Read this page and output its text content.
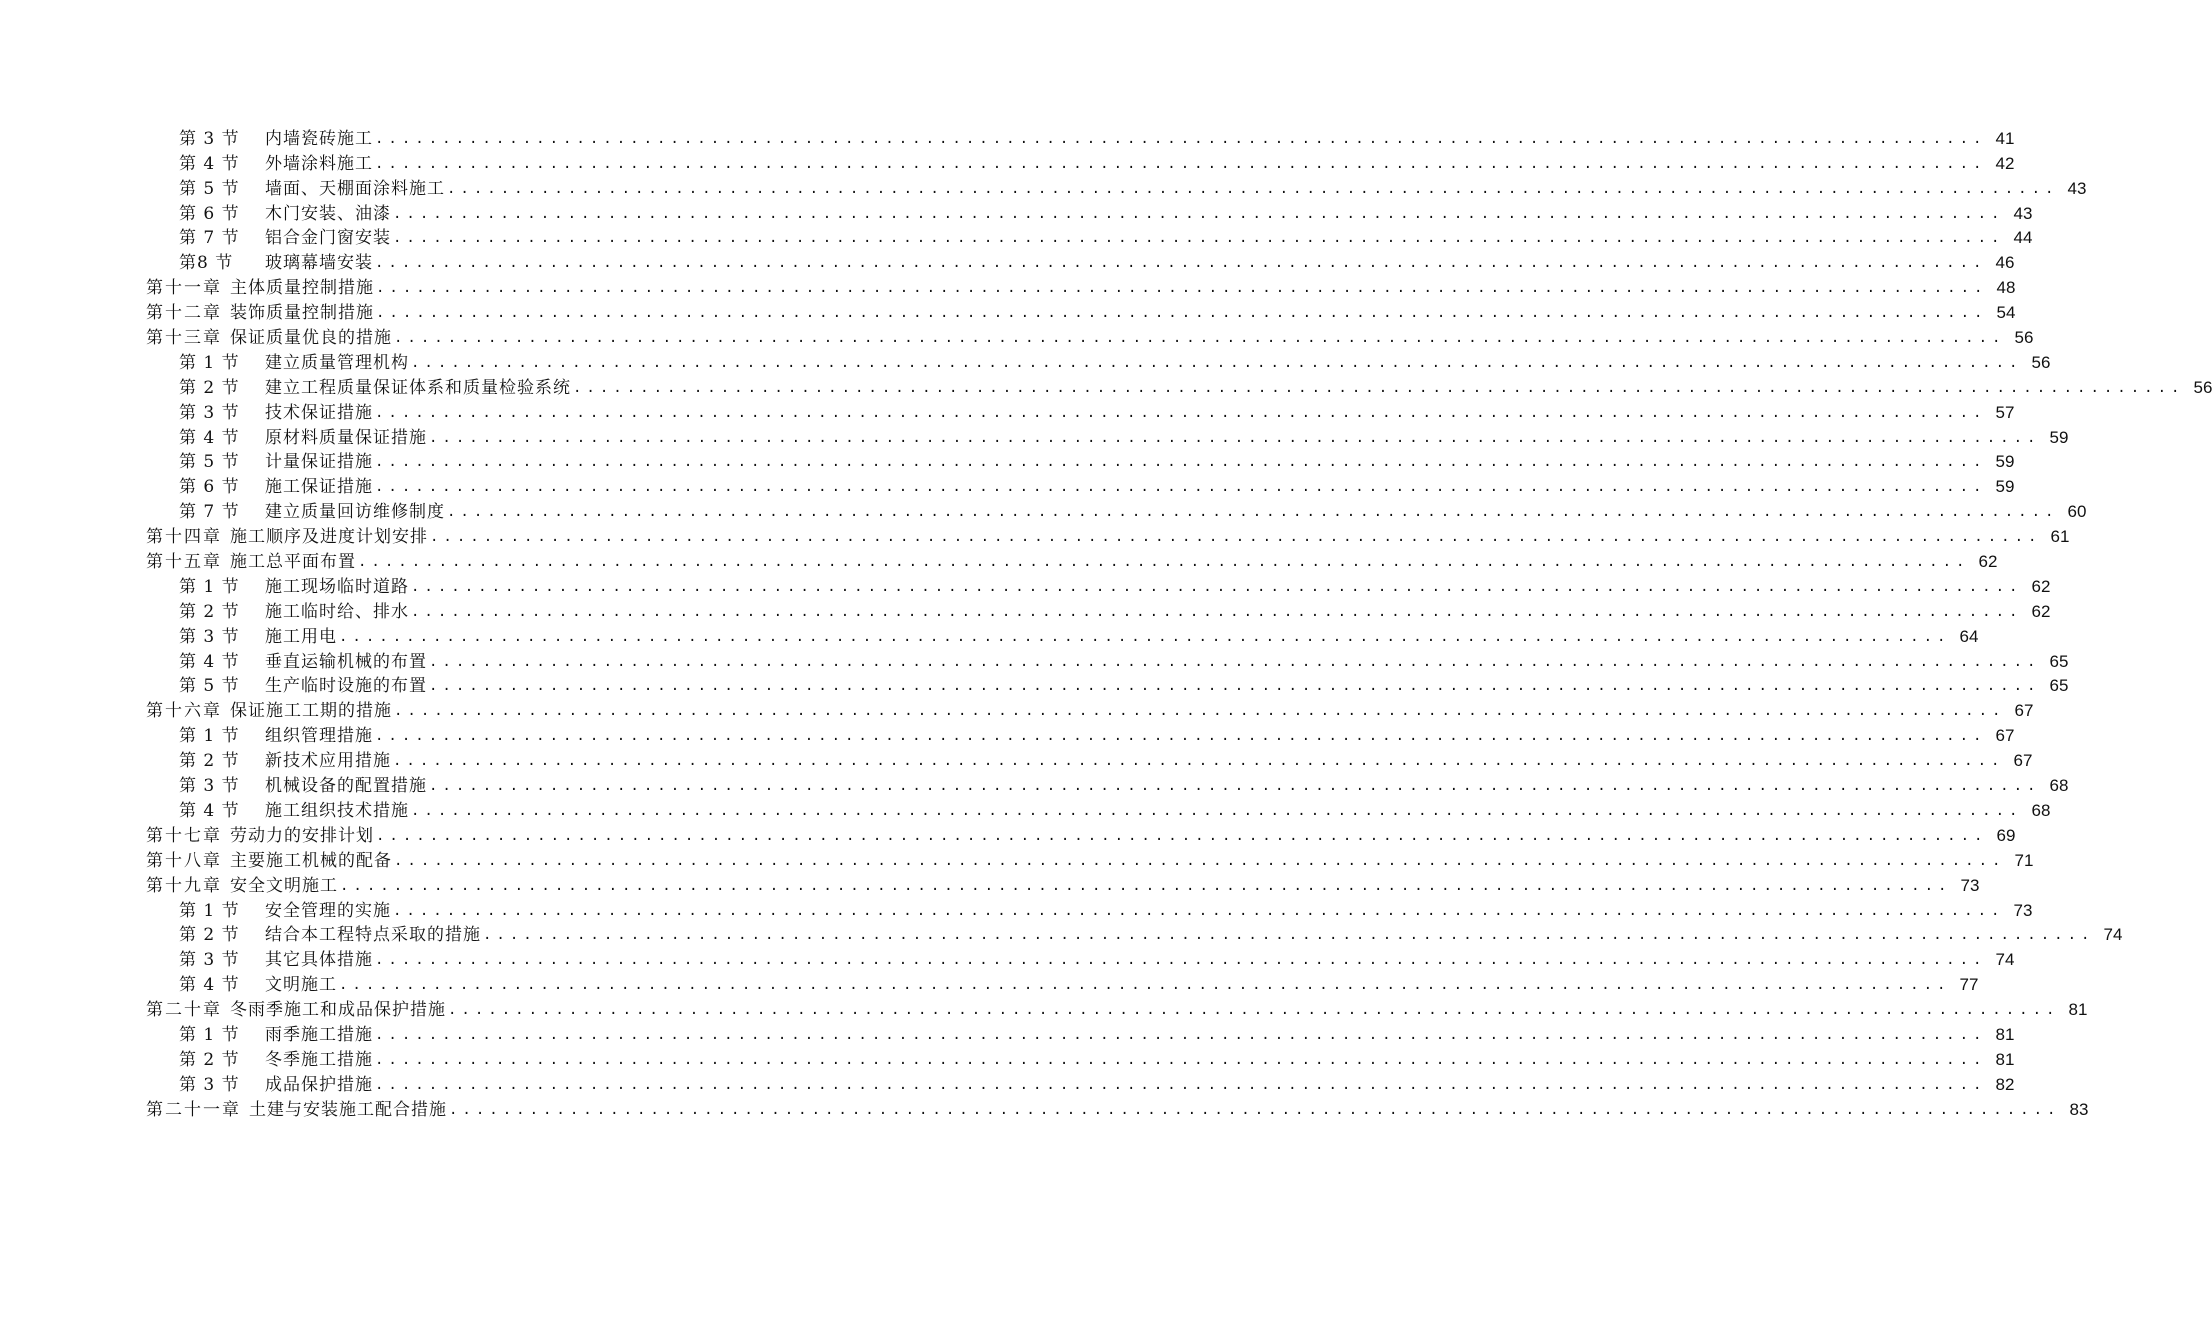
第 3 节 内墙瓷砖施工 ........................................................................................................................ 41
第 4 节 外墙涂料施工 ........................................................................................................................ 42
第 5 节 墙面、天棚面涂料施工 ........................................................................................................................ 43
第 6 节 木门安装、油漆 ........................................................................................................................ 43
第 7 节 铝合金门窗安装 ........................................................................................................................ 44
第8 节 玻璃幕墙安装 ........................................................................................................................ 46
第十一章 主体质量控制措施 ........................................................................................................................ 48
第十二章 装饰质量控制措施 ........................................................................................................................ 54
第十三章 保证质量优良的措施 ........................................................................................................................ 56
第 1 节 建立质量管理机构 ........................................................................................................................ 56
第 2 节 建立工程质量保证体系和质量检验系统 ........................................................................................................................ 56
第 3 节 技术保证措施 ........................................................................................................................ 57
第 4 节 原材料质量保证措施 ........................................................................................................................ 59
第 5 节 计量保证措施 ........................................................................................................................ 59
第 6 节 施工保证措施 ........................................................................................................................ 59
第 7 节 建立质量回访维修制度 ........................................................................................................................ 60
第十四章 施工顺序及进度计划安排 ........................................................................................................................ 61
第十五章 施工总平面布置 ........................................................................................................................ 62
第 1 节 施工现场临时道路 ........................................................................................................................ 62
第 2 节 施工临时给、排水 ........................................................................................................................ 62
第 3 节 施工用电 ........................................................................................................................ 64
第 4 节 垂直运输机械的布置 ........................................................................................................................ 65
第 5 节 生产临时设施的布置 ........................................................................................................................ 65
第十六章 保证施工工期的措施 ........................................................................................................................ 67
第 1 节 组织管理措施 ........................................................................................................................ 67
第 2 节 新技术应用措施 ........................................................................................................................ 67
第 3 节 机械设备的配置措施 ........................................................................................................................ 68
第 4 节 施工组织技术措施 ........................................................................................................................ 68
第十七章 劳动力的安排计划 ........................................................................................................................ 69
第十八章 主要施工机械的配备 ........................................................................................................................ 71
第十九章 安全文明施工 ........................................................................................................................ 73
第 1 节 安全管理的实施 ........................................................................................................................ 73
第 2 节 结合本工程特点采取的措施 ........................................................................................................................ 74
第 3 节 其它具体措施 ........................................................................................................................ 74
第 4 节 文明施工 ........................................................................................................................ 77
第二十章 冬雨季施工和成品保护措施 ........................................................................................................................ 81
第 1 节 雨季施工措施 ........................................................................................................................ 81
第 2 节 冬季施工措施 ........................................................................................................................ 81
第 3 节 成品保护措施 ........................................................................................................................ 82
第二十一章 土建与安装施工配合措施 ........................................................................................................................ 83
